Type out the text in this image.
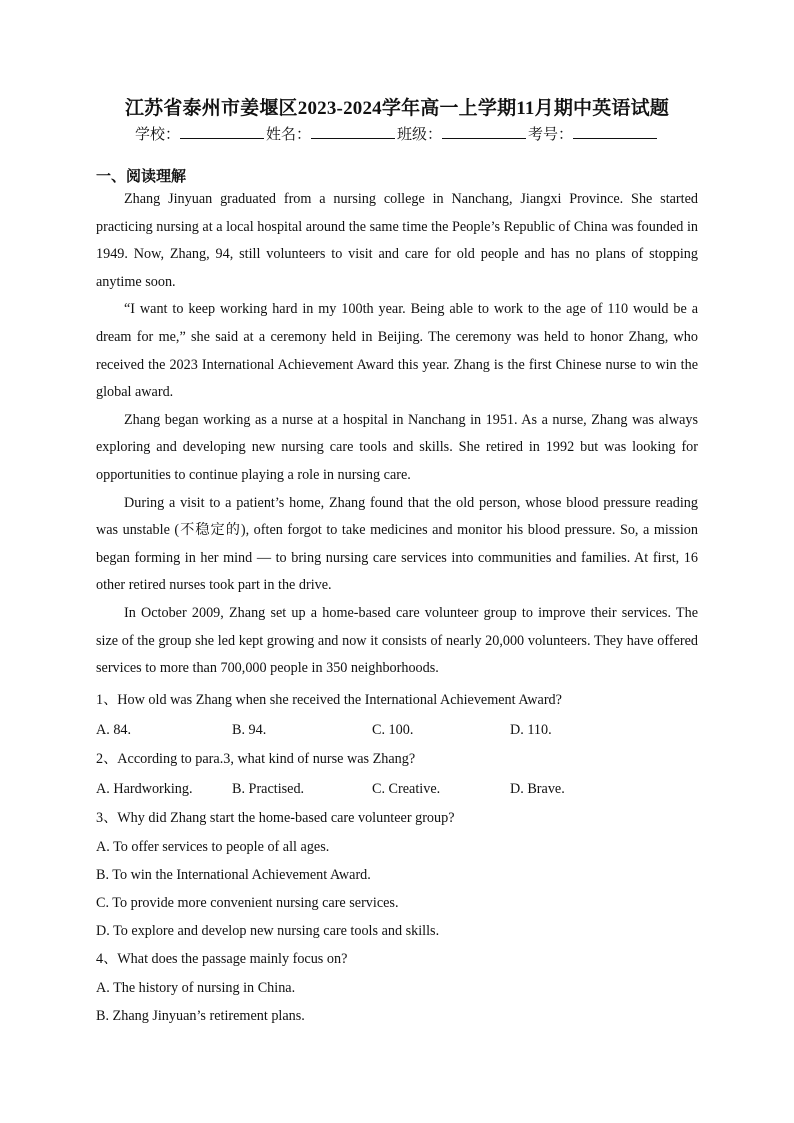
江苏省泰州市姜堰区2023-2024学年高一上学期11月期中英语试题
学校：	姓名：	班级：	考号：
一、阅读理解

Zhang Jinyuan graduated from a nursing college in Nanchang, Jiangxi Province. She started practicing nursing at a local hospital around the same time the People’s Republic of China was founded in 1949. Now, Zhang, 94, still volunteers to visit and care for old people and has no plans of stopping anytime soon.

“I want to keep working hard in my 100th year. Being able to work to the age of 110 would be a dream for me,” she said at a ceremony held in Beijing. The ceremony was held to honor Zhang, who received the 2023 International Achievement Award this year. Zhang is the first Chinese nurse to win the global award.

Zhang began working as a nurse at a hospital in Nanchang in 1951. As a nurse, Zhang was always exploring and developing new nursing care tools and skills. She retired in 1992 but was looking for opportunities to continue playing a role in nursing care.

During a visit to a patient’s home, Zhang found that the old person, whose blood pressure reading was unstable (不稳定的), often forgot to take medicines and monitor his blood pressure. So, a mission began forming in her mind — to bring nursing care services into communities and families. At first, 16 other retired nurses took part in the drive.

In October 2009, Zhang set up a home-based care volunteer group to improve their services. The size of the group she led kept growing and now it consists of nearly 20,000 volunteers. They have offered services to more than 700,000 people in 350 neighborhoods.

1、How old was Zhang when she received the International Achievement Award?
A. 84.	B. 94.	C. 100.	D. 110.
2、According to para.3, what kind of nurse was Zhang?
A. Hardworking.	B. Practised.	C. Creative.	D. Brave.
3、Why did Zhang start the home-based care volunteer group?
A. To offer services to people of all ages.
B. To win the International Achievement Award.
C. To provide more convenient nursing care services.
D. To explore and develop new nursing care tools and skills.
4、What does the passage mainly focus on?
A. The history of nursing in China.
B. Zhang Jinyuan’s retirement plans.
